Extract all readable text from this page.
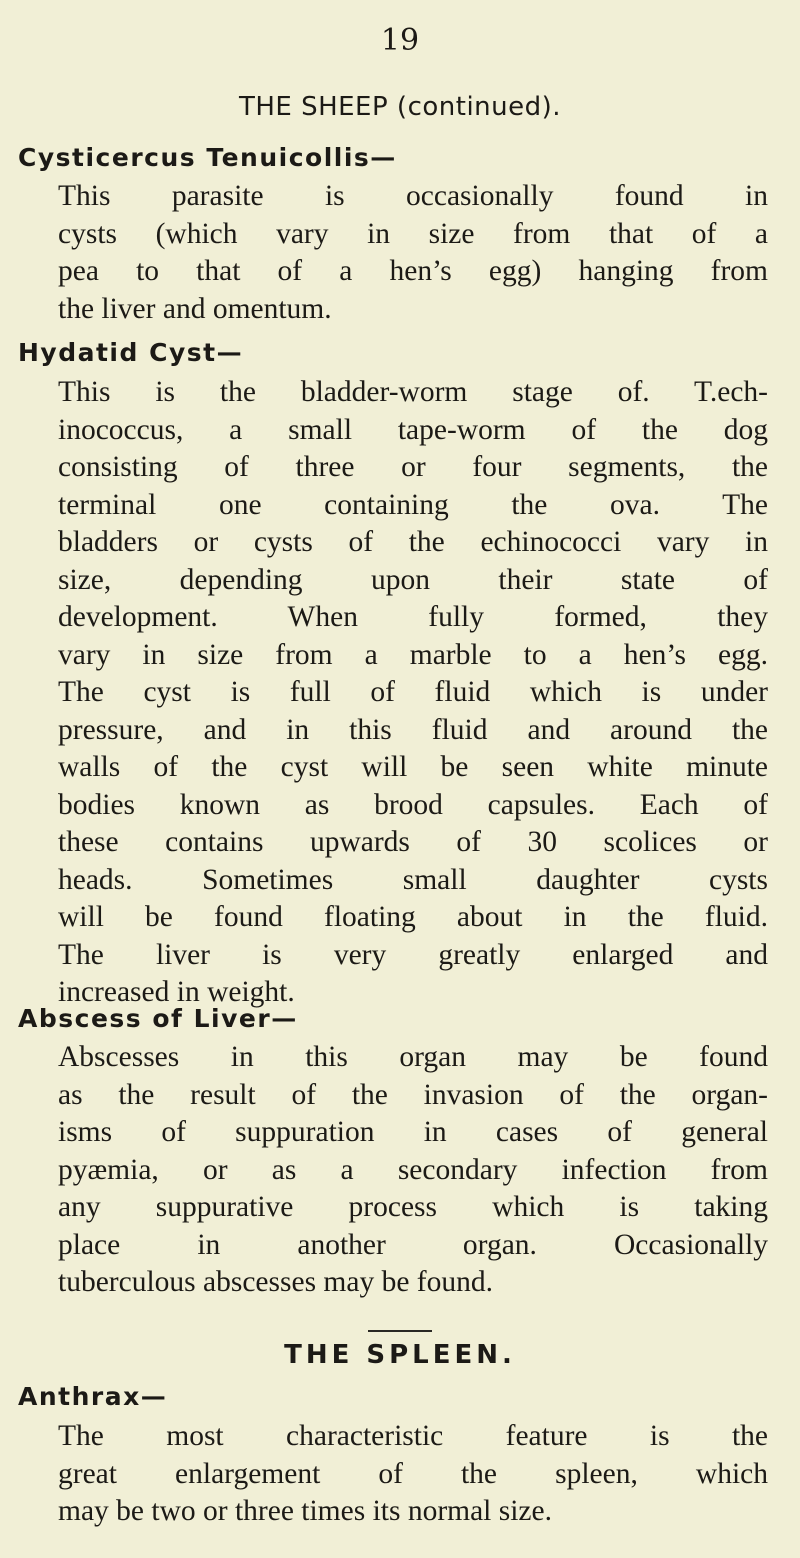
19
THE SHEEP (continued).
Cysticercus Tenuicollis—
This parasite is occasionally found in
cysts (which vary in size from that of a
pea to that of a hen’s egg) hanging from
the liver and omentum.
Hydatid Cyst—
This is the bladder-worm stage of. T.ech-
inococcus, a small tape-worm of the dog
consisting of three or four segments, the
terminal one containing the ova. The
bladders or cysts of the echinococci vary in
size, depending upon their state of
development. When fully formed, they
vary in size from a marble to a hen’s egg.
The cyst is full of fluid which is under
pressure, and in this fluid and around the
walls of the cyst will be seen white minute
bodies known as brood capsules. Each of
these contains upwards of 30 scolices or
heads. Sometimes small daughter cysts
will be found floating about in the fluid.
The liver is very greatly enlarged and
increased in weight.
Abscess of Liver—
Abscesses in this organ may be found
as the result of the invasion of the organ-
isms of suppuration in cases of general
pyæmia, or as a secondary infection from
any suppurative process which is taking
place in another organ. Occasionally
tuberculous abscesses may be found.
THE SPLEEN.
Anthrax—
The most characteristic feature is the
great enlargement of the spleen, which
may be two or three times its normal size.
